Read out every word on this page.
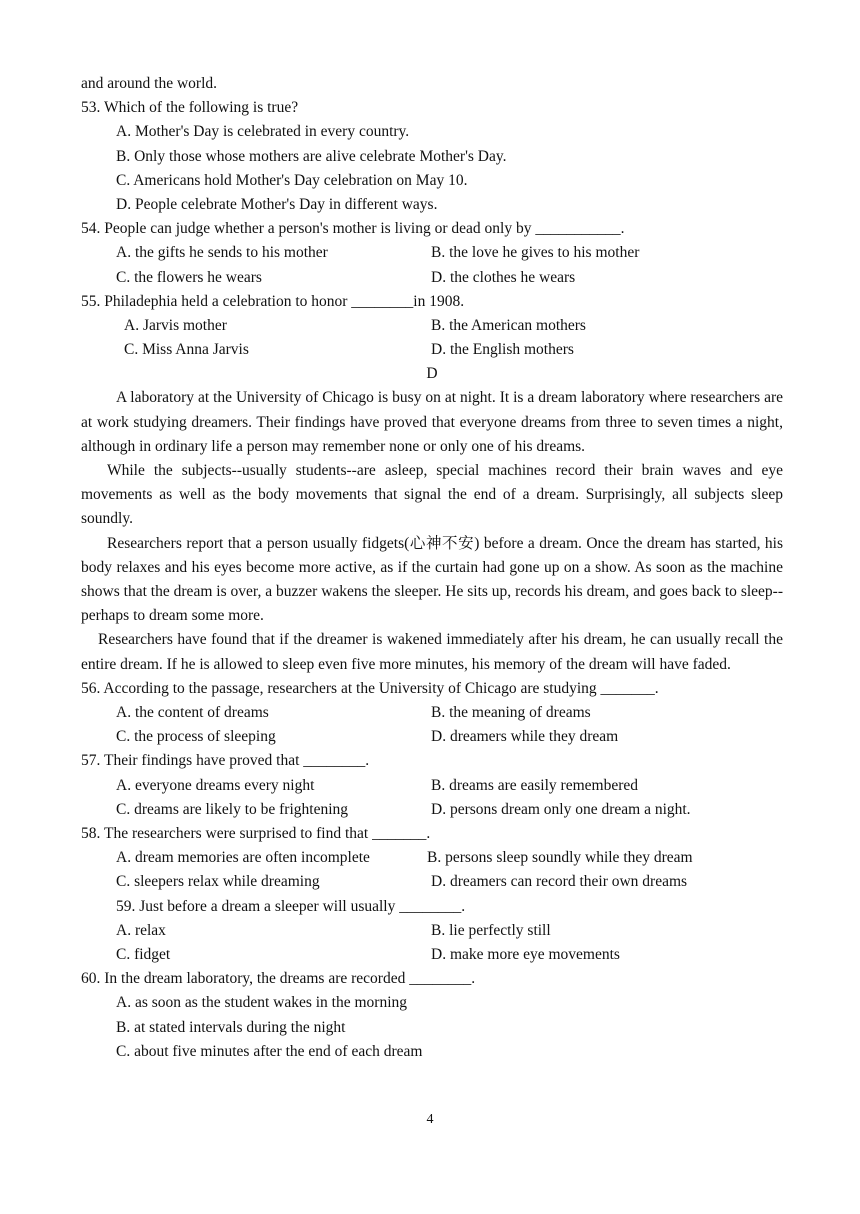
and around the world.
53. Which of the following is true?
A. Mother's Day is celebrated in every country.
B. Only those whose mothers are alive celebrate Mother's Day.
C. Americans hold Mother's Day celebration on May 10.
D. People celebrate Mother's Day in different ways.
54. People can judge whether a person's mother is living or dead only by ___________.
A. the gifts he sends to his mother	B. the love he gives to his mother
C. the flowers he wears	D. the clothes he wears
55. Philadephia held a celebration to honor ________in 1908.
A. Jarvis mother	B. the American mothers
C. Miss Anna Jarvis	D. the English mothers
D
A laboratory at the University of Chicago is busy on at night. It is a dream laboratory where researchers are at work studying dreamers. Their findings have proved that everyone dreams from three to seven times a night, although in ordinary life a person may remember none or only one of his dreams.
While the subjects--usually students--are asleep, special machines record their brain waves and eye movements as well as the body movements that signal the end of a dream. Surprisingly, all subjects sleep soundly.
Researchers report that a person usually fidgets(心神不安) before a dream. Once the dream has started, his body relaxes and his eyes become more active, as if the curtain had gone up on a show. As soon as the machine shows that the dream is over, a buzzer wakens the sleeper. He sits up, records his dream, and goes back to sleep--perhaps to dream some more.
Researchers have found that if the dreamer is wakened immediately after his dream, he can usually recall the entire dream. If he is allowed to sleep even five more minutes, his memory of the dream will have faded.
56. According to the passage, researchers at the University of Chicago are studying _______.
A. the content of dreams	B. the meaning of dreams
C. the process of sleeping	D. dreamers while they dream
57. Their findings have proved that ________.
A. everyone dreams every night	B. dreams are easily remembered
C. dreams are likely to be frightening	D. persons dream only one dream a night.
58. The researchers were surprised to find that _______.
A. dream memories are often incomplete	B. persons sleep soundly while they dream
C. sleepers relax while dreaming	D. dreamers can record their own dreams
59. Just before a dream a sleeper will usually ________.
A. relax	B. lie perfectly still
C. fidget	D. make more eye movements
60. In the dream laboratory, the dreams are recorded ________.
A. as soon as the student wakes in the morning
B. at stated intervals during the night
C. about five minutes after the end of each dream
4
